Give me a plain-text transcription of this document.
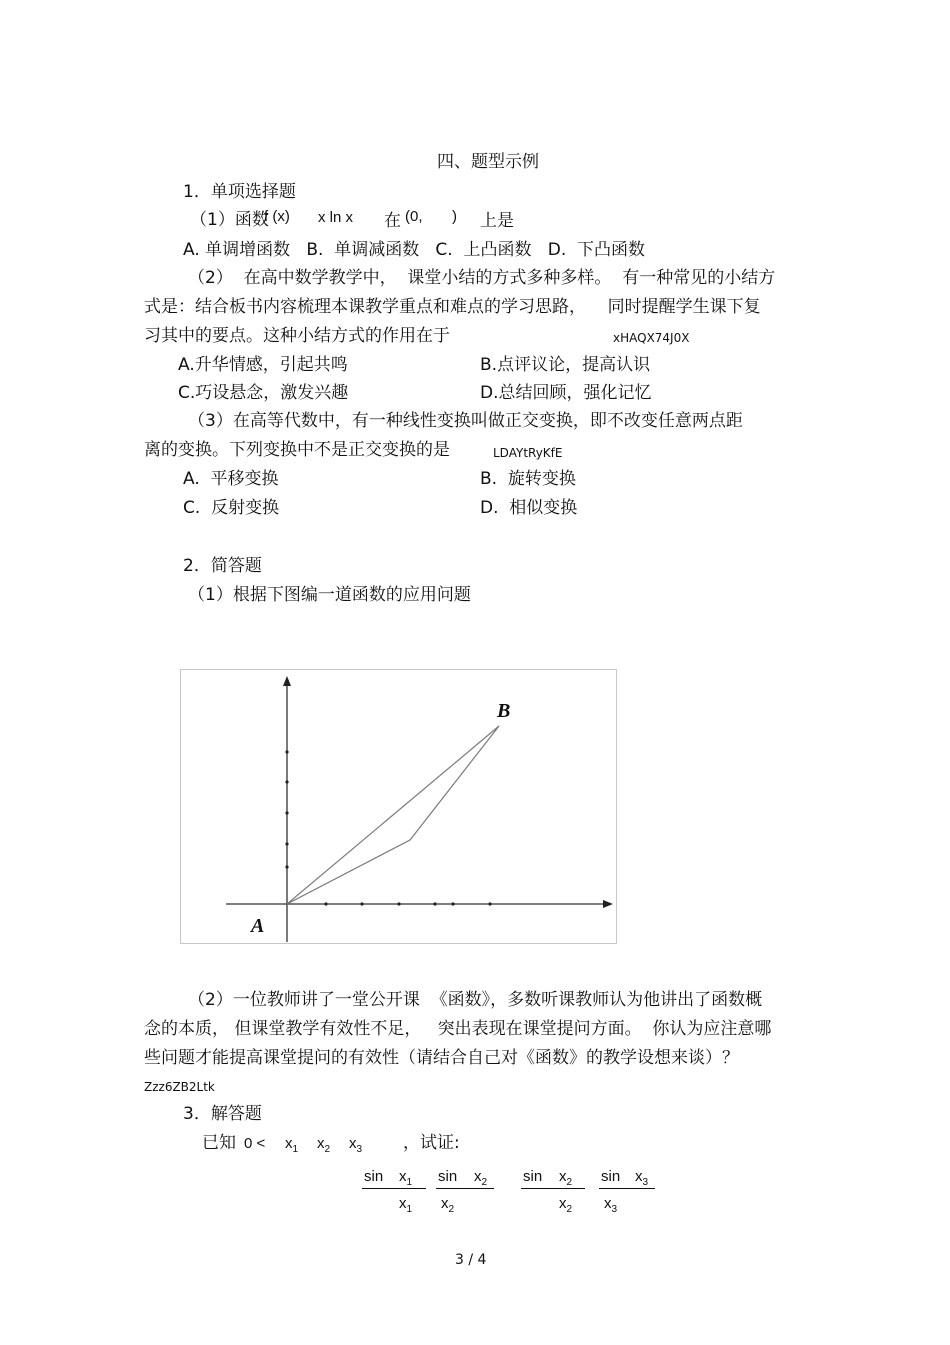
四、题型示例
1．单项选择题
（1）函数
f (x) x ln x 在 (0, ) 上是
A. 单调增函数   B.  单调减函数   C.  上凸函数   D.  下凸函数
（2）  在高中数学教学中，  课堂小结的方式多种多样。  有一种常见的小结方
式是：结合板书内容梳理本课教学重点和难点的学习思路，    同时提醒学生课下复
习其中的要点。这种小结方式的作用在于	xHAQX74J0X
A.升华情感，引起共鸣	B.点评议论，提高认识
C.巧设悬念，激发兴趣	D.总结回顾，强化记忆
（3）在高等代数中，有一种线性变换叫做正交变换，即不改变任意两点距
离的变换。下列变换中不是正交变换的是	LDAYtRyKfE
A.  平移变换	B.  旋转变换
C.  反射变换	D.  相似变换
2．简答题
（1）根据下图编一道函数的应用问题
B
A
（2）一位教师讲了一堂公开课  《函数》，多数听课教师认为他讲出了函数概
念的本质， 但课堂教学有效性不足，   突出表现在课堂提问方面。  你认为应注意哪
些问题才能提高课堂提问的有效性（请结合自己对《函数》的教学设想来谈）？
Zzz6ZB2Ltk
3．解答题
已知 $0 < x_1$ $x_2$ $x_3$ ，试证:
$\sin x_1$
$x_1$
$\sin x_2$
$x_2$
$\sin x_2$
$x_2$
$\sin x_3$
$x_3$
3 / 4
